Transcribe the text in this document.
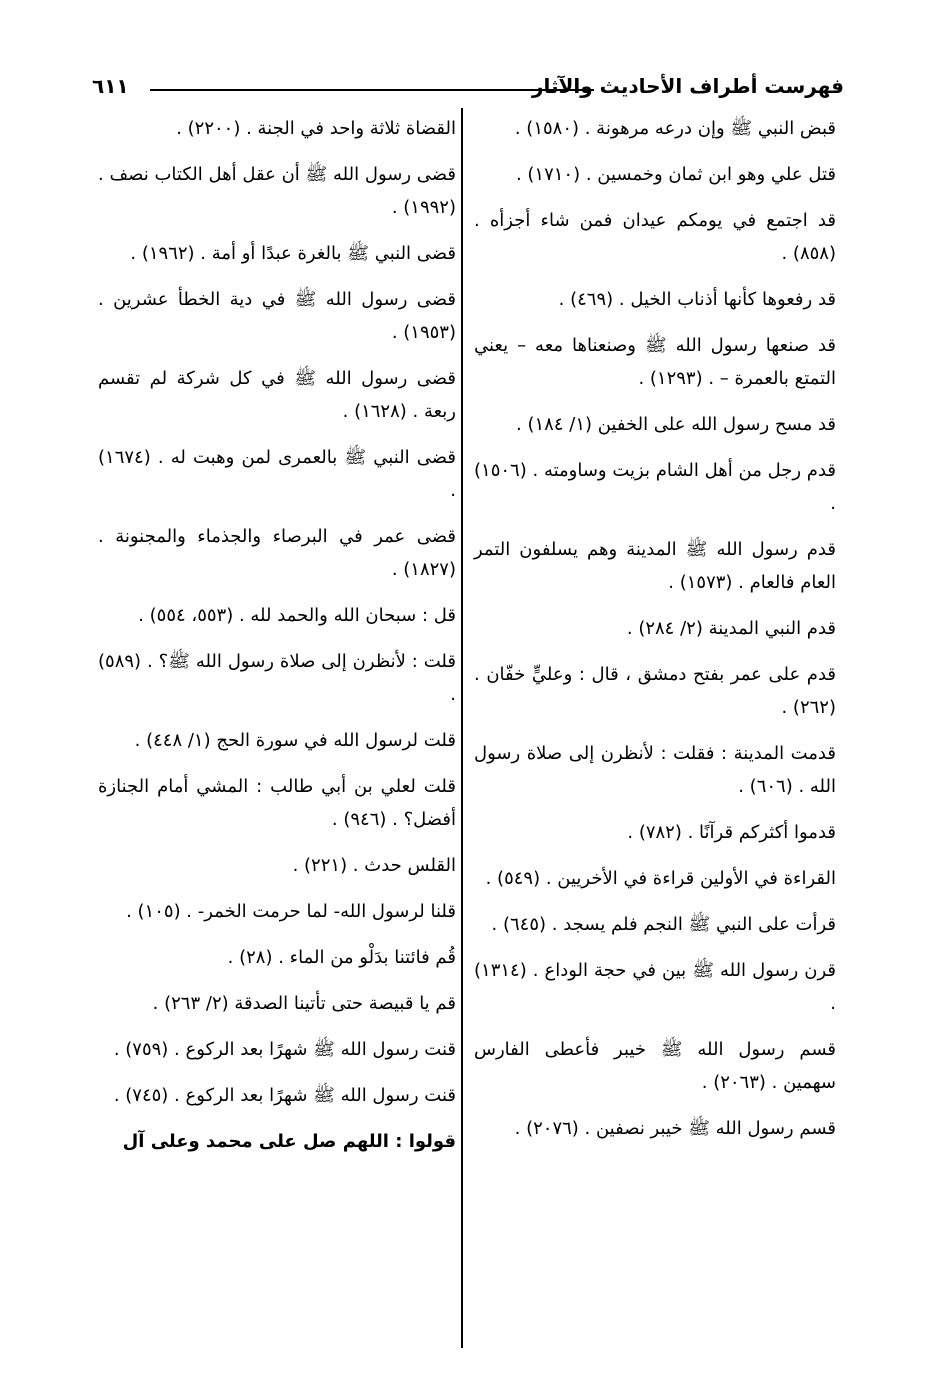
فهرست أطراف الأحاديث والآثار
٦١١

قبض النبي ﷺ وإن درعه مرهونة . (١٥٨٠) .

قتل علي وهو ابن ثمان وخمسين . (١٧١٠) .

قد اجتمع في يومكم عيدان فمن شاء أجزأه . (٨٥٨) .

قد رفعوها كأنها أذناب الخيل . (٤٦٩) .

قد صنعها رسول الله ﷺ وصنعناها معه – يعني التمتع بالعمرة – . (١٢٩٣) .

قد مسح رسول الله على الخفين (١/ ١٨٤) .

قدم رجل من أهل الشام بزيت وساومته . (١٥٠٦) .

قدم رسول الله ﷺ المدينة وهم يسلفون التمر العام فالعام . (١٥٧٣) .

قدم النبي المدينة (٢/ ٢٨٤) .

قدم على عمر بفتح دمشق ، قال : وعليٍّ خفّان . (٢٦٢) .

قدمت المدينة : فقلت : لأنظرن إلى صلاة رسول الله . (٦٠٦) .

قدموا أكثركم قرآنًا . (٧٨٢) .

القراءة في الأولين قراءة في الأخريين . (٥٤٩) .

قرأت على النبي ﷺ النجم فلم يسجد . (٦٤٥) .

قرن رسول الله ﷺ بين في حجة الوداع . (١٣١٤) .

قسم رسول الله ﷺ خيبر فأعطى الفارس سهمين . (٢٠٦٣) .

قسم رسول الله ﷺ خيبر نصفين . (٢٠٧٦) .

القضاة ثلاثة واحد في الجنة . (٢٢٠٠) .

قضى رسول الله ﷺ أن عقل أهل الكتاب نصف . (١٩٩٢) .

قضى النبي ﷺ بالغرة عبدًا أو أمة . (١٩٦٢) .

قضى رسول الله ﷺ في دية الخطأ عشرين . (١٩٥٣) .

قضى رسول الله ﷺ في كل شركة لم تقسم ربعة . (١٦٢٨) .

قضى النبي ﷺ بالعمرى لمن وهبت له . (١٦٧٤) .

قضى عمر في البرصاء والجذماء والمجنونة . (١٨٢٧) .

قل : سبحان الله والحمد لله . (٥٥٣، ٥٥٤) .

قلت : لأنظرن إلى صلاة رسول الله ﷺ؟ . (٥٨٩) .

قلت لرسول الله في سورة الحج (١/ ٤٤٨) .

قلت لعلي بن أبي طالب : المشي أمام الجنازة أفضل؟ . (٩٤٦) .

القلس حدث . (٢٢١) .

قلنا لرسول الله- لما حرمت الخمر- . (١٠٥) .

قُم فائتنا بدَلْو من الماء . (٢٨) .

قم يا قبيصة حتى تأتينا الصدقة (٢/ ٢٦٣) .

قنت رسول الله ﷺ شهرًا بعد الركوع . (٧٥٩) .

قنت رسول الله ﷺ شهرًا بعد الركوع . (٧٤٥) .

قولوا : اللهم صل على محمد وعلى آل
